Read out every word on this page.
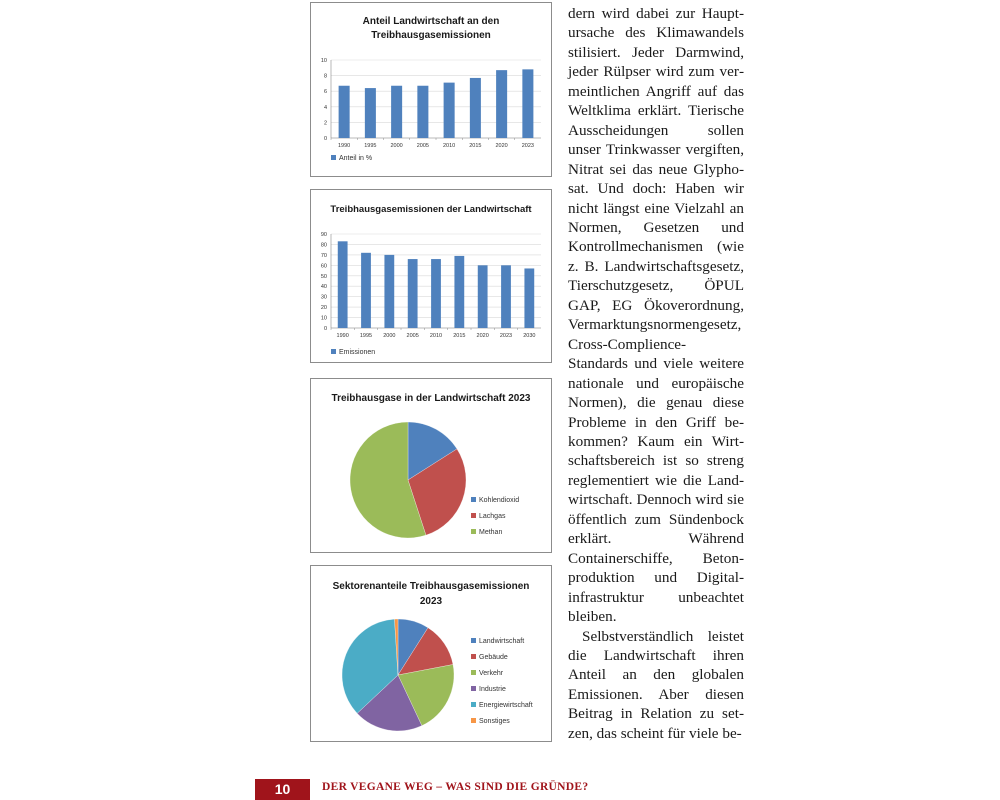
Anteil Landwirtschaft an den
Treibhausgasemissionen
0
2
4
6
8
10
1990	1995	2000	2005	2010	2015	2020	2023
Anteil in %
Treibhausgasemissionen der Landwirtschaft
0
10
20
30
40
50
60
70
80
90
1990 1995 2000 2005 2010 2015 2020 2023 2030
Emissionen
Treibhausgase in der Landwirtschaft 2023
Kohlendioxid
Lachgas
Methan
Sektorenanteile Treibhausgasemissionen
2023
Landwirtschaft
Gebäude
Verkehr
Industrie
Energiewirtschaft
Sonstiges

dern wird dabei zur Hauptursache des Klimawandels stilisiert. Jeder Darmwind, jeder Rülpser wird zum vermeintlichen Angriff auf das Weltklima erklärt. Tierische Ausscheidungen sollen unser Trinkwasser vergiften, Nitrat sei das neue Glyphosat. Und doch: Haben wir nicht längst eine Vielzahl an Normen, Gesetzen und Kontrollmechanismen (wie z. B. Landwirtschaftsgesetz, Tierschutzgesetz, ÖPUL GAP, EG Ökoverordnung, Vermarktungsnormengesetz, Cross-Complience-Standards und viele weitere nationale und europäische Normen), die genau diese Probleme in den Griff bekommen? Kaum ein Wirtschaftsbereich ist so streng reglementiert wie die Landwirtschaft. Dennoch wird sie öffentlich zum Sündenbock erklärt. Während Containerschiffe, Betonproduktion und Digitalinfrastruktur unbeachtet bleiben.

Selbstverständlich leistet die Landwirtschaft ihren Anteil an den globalen Emissionen. Aber diesen Beitrag in Relation zu setzen, das scheint für viele be-

10	DER VEGANE WEG – WAS SIND DIE GRÜNDE?
